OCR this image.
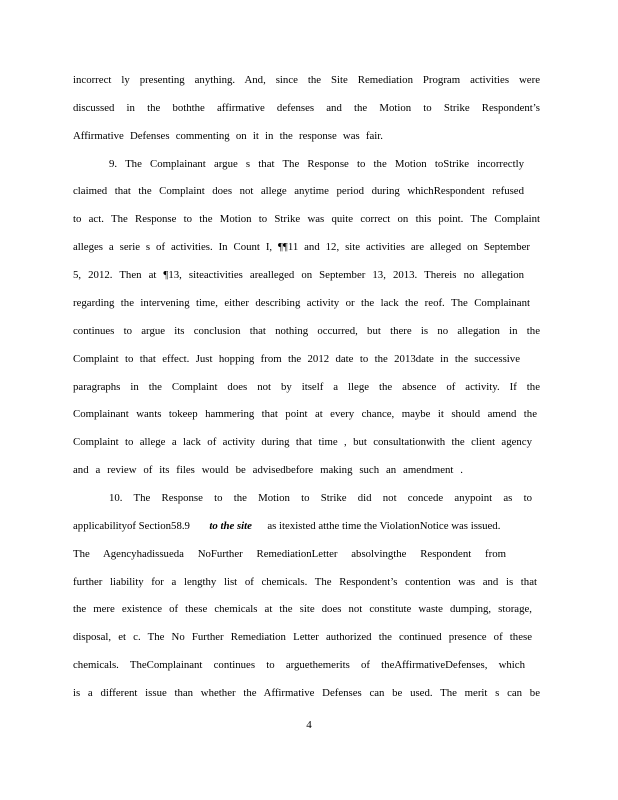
incorrect ly presenting anything. And, since the Site Remediation Program activities were
discussed in the boththe affirmative defenses and the Motion to Strike Respondent’s
Affirmative Defenses commenting on it in the response was fair.
9. The Complainant argue s that The Response to the Motion toStrike incorrectly
claimed that the Complaint does not allege anytime period during whichRespondent refused
to act. The Response to the Motion to Strike was quite correct on this point. The Complaint
alleges a serie s of activities. In Count I, ¶¶11 and 12, site activities are alleged on September
5, 2012. Then at ¶13, siteactivities arealleged on September 13, 2013. Thereis no allegation
regarding the intervening time, either describing activity or the lack the reof. The Complainant
continues to argue its conclusion that nothing occurred, but there is no allegation in the
Complaint to that effect. Just hopping from the 2012 date to the 2013date in the successive
paragraphs in the Complaint does not by itself a llege the absence of activity. If the
Complainant wants tokeep hammering that point at every chance, maybe it should amend the
Complaint to allege a lack of activity during that time , but consultationwith the client agency
and a review of its files would be advisedbefore making such an amendment .
10. The Response to the Motion to Strike did not concede anypoint as to
applicabilityof Section58.9 to the site as itexisted atthe time the ViolationNotice was issued.
The Agencyhadissueda NoFurther RemediationLetter absolvingthe Respondent from
further liability for a lengthy list of chemicals. The Respondent’s contention was and is that
the mere existence of these chemicals at the site does not constitute waste dumping, storage,
disposal, et c. The No Further Remediation Letter authorized the continued presence of these
chemicals. TheComplainant continues to arguethemerits of theAffirmativeDefenses, which
is a different issue than whether the Affirmative Defenses can be used. The merit s can be
4
